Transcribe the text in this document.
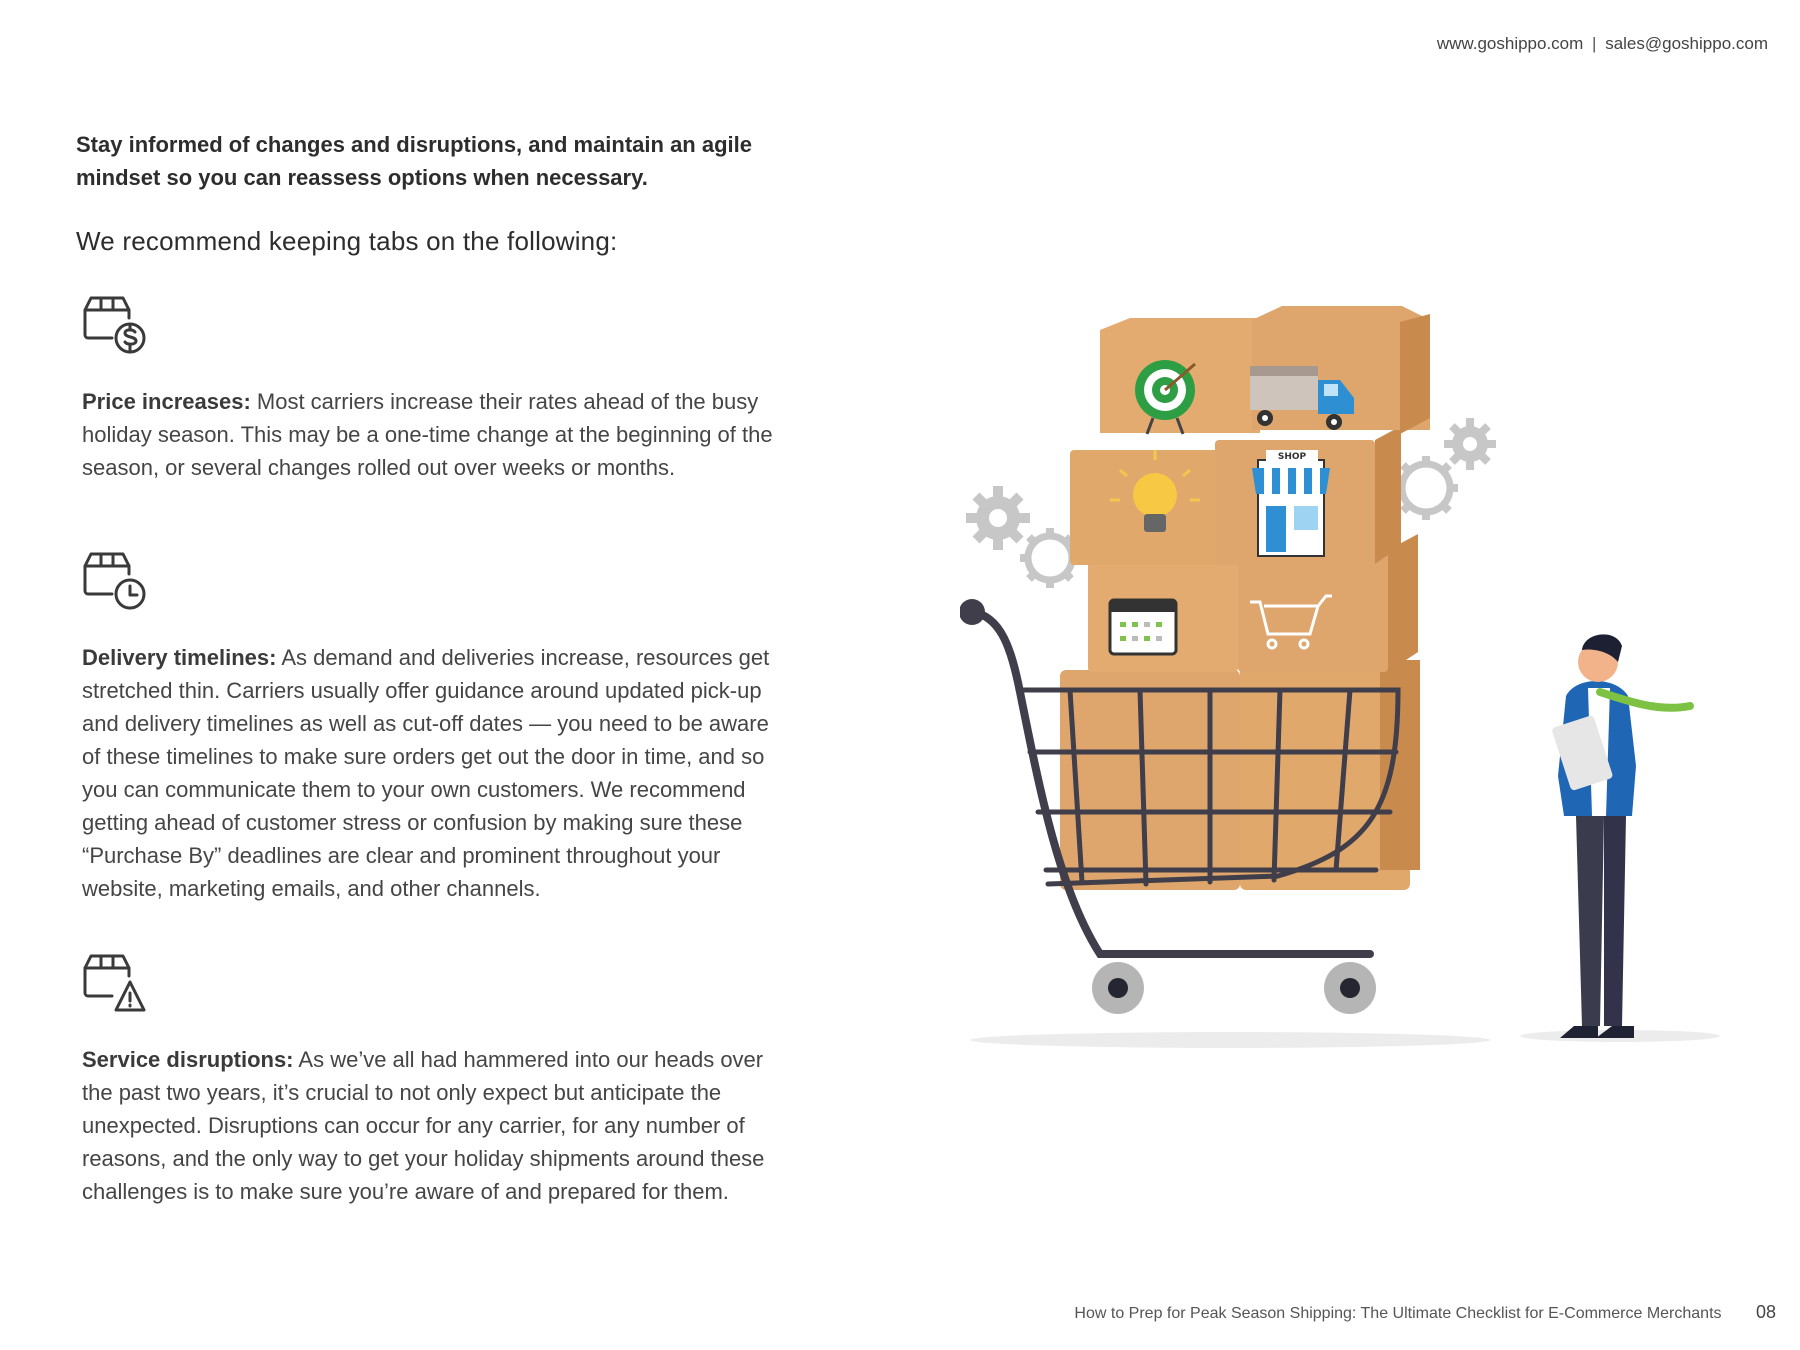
www.goshippo.com | sales@goshippo.com
Stay informed of changes and disruptions, and maintain an agile mindset so you can reassess options when necessary.
We recommend keeping tabs on the following:

Price increases: Most carriers increase their rates ahead of the busy holiday season. This may be a one-time change at the beginning of the season, or several changes rolled out over weeks or months.

Delivery timelines: As demand and deliveries increase, resources get stretched thin. Carriers usually offer guidance around updated pick-up and delivery timelines as well as cut-off dates — you need to be aware of these timelines to make sure orders get out the door in time, and so you can communicate them to your own customers. We recommend getting ahead of customer stress or confusion by making sure these “Purchase By” deadlines are clear and prominent throughout your website, marketing emails, and other channels.

Service disruptions: As we’ve all had hammered into our heads over the past two years, it’s crucial to not only expect but anticipate the unexpected. Disruptions can occur for any carrier, for any number of reasons, and the only way to get your holiday shipments around these challenges is to make sure you’re aware of and prepared for them.

SHOP
How to Prep for Peak Season Shipping: The Ultimate Checklist for E-Commerce Merchants 08
